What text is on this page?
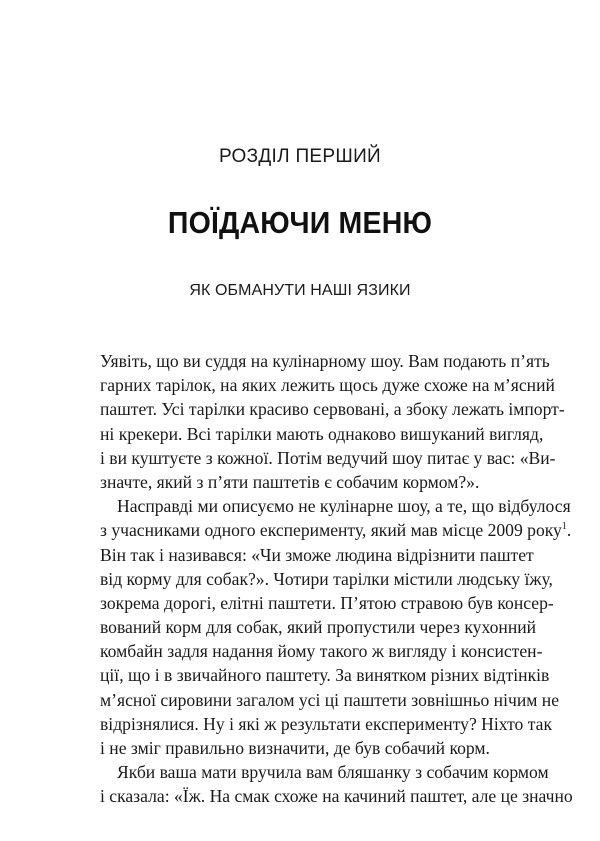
РОЗДІЛ ПЕРШИЙ
ПОЇДАЮЧИ МЕНЮ
ЯК ОБМАНУТИ НАШІ ЯЗИКИ
Уявіть, що ви суддя на кулінарному шоу. Вам подають п’ять
гарних тарілок, на яких лежить щось дуже схоже на м’ясний
паштет. Усі тарілки красиво сервовані, а збоку лежать імпорт-
ні крекери. Всі тарілки мають однаково вишуканий вигляд,
і ви куштуєте з кожної. Потім ведучий шоу питає у вас: «Ви-
значте, який з п’яти паштетів є собачим кормом?».
Насправді ми описуємо не кулінарне шоу, а те, що відбулося
з учасниками одного експерименту, який мав місце 2009 року$^1$.
Він так і називався: «Чи зможе людина відрізнити паштет
від корму для собак?». Чотири тарілки містили людську їжу,
зокрема дорогі, елітні паштети. П’ятою стравою був консер-
вований корм для собак, який пропустили через кухонний
комбайн задля надання йому такого ж вигляду і консистен-
ції, що і в звичайного паштету. За винятком різних відтінків
м’ясної сировини загалом усі ці паштети зовнішньо нічим не
відрізнялися. Ну і які ж результати експерименту? Ніхто так
і не зміг правильно визначити, де був собачий корм.
Якби ваша мати вручила вам бляшанку з собачим кормом
і сказала: «Їж. На смак схоже на качиний паштет, але це значно
